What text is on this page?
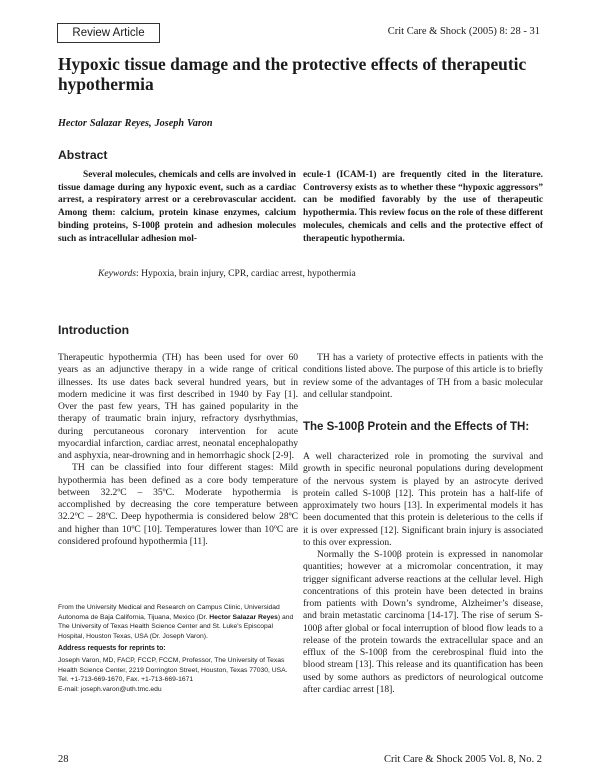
Review Article	Crit Care & Shock (2005) 8: 28 - 31
Hypoxic tissue damage and the protective effects of therapeutic hypothermia
Hector Salazar Reyes, Joseph Varon
Abstract

Several molecules, chemicals and cells are involved in tissue damage during any hypoxic event, such as a cardiac arrest, a respiratory arrest or a cerebrovascular accident. Among them: calcium, protein kinase enzymes, calcium binding proteins, S-100β protein and adhesion molecules such as intracellular adhesion mol-

ecule-1 (ICAM-1) are frequently cited in the literature. Controversy exists as to whether these “hypoxic aggressors” can be modified favorably by the use of therapeutic hypothermia. This review focus on the role of these different molecules, chemicals and cells and the protective effect of therapeutic hypothermia.

Keywords: Hypoxia, brain injury, CPR, cardiac arrest, hypothermia
Introduction

Therapeutic hypothermia (TH) has been used for over 60 years as an adjunctive therapy in a wide range of critical illnesses. Its use dates back several hundred years, but in modern medicine it was first described in 1940 by Fay [1]. Over the past few years, TH has gained popularity in the therapy of traumatic brain injury, refractory dysrhythmias, during percutaneous coronary intervention for acute myocardial infarction, cardiac arrest, neonatal encephalopathy and asphyxia, near-drowning and in hemorrhagic shock [2-9].

TH can be classified into four different stages: Mild hypothermia has been defined as a core body temperature between 32.2ºC – 35ºC. Moderate hypothermia is accomplished by decreasing the core temperature between 32.2ºC – 28ºC. Deep hypothermia is considered below 28ºC and higher than 10ºC [10]. Temperatures lower than 10ºC are considered profound hypothermia [11].

TH has a variety of protective effects in patients with the conditions listed above. The purpose of this article is to briefly review some of the advantages of TH from a basic molecular and cellular standpoint.

The S-100β Protein and the Effects of TH:

A well characterized role in promoting the survival and growth in specific neuronal populations during development of the nervous system is played by an astrocyte derived protein called S-100β [12]. This protein has a half-life of approximately two hours [13]. In experimental models it has been documented that this protein is deleterious to the cells if it is over expressed [12]. Significant brain injury is associated to this over expression.

Normally the S-100β protein is expressed in nanomolar quantities; however at a micromolar concentration, it may trigger significant adverse reactions at the cellular level. High concentrations of this protein have been detected in brains from patients with Down’s syndrome, Alzheimer’s disease, and brain metastatic carcinoma [14-17]. The rise of serum S-100β after global or focal interruption of blood flow leads to a release of the protein towards the extracellular space and an efflux of the S-100β from the cerebrospinal fluid into the blood stream [13]. This release and its quantification has been used by some authors as predictors of neurological outcome after cardiac arrest [18].

From the University Medical and Research on Campus Clinic, Universidad Autonoma de Baja California, Tijuana, Mexico (Dr. Hector Salazar Reyes) and The University of Texas Health Science Center and St. Luke's Episcopal Hospital, Houston Texas, USA (Dr. Joseph Varon).
Address requests for reprints to:
Joseph Varon, MD, FACP, FCCP, FCCM, Professor, The University of Texas Health Science Center, 2219 Dorrington Street, Houston, Texas 77030, USA.
Tel. +1-713-669-1670, Fax. +1-713-669-1671
E-mail: joseph.varon@uth.tmc.edu
28	Crit Care & Shock 2005 Vol. 8, No. 2
